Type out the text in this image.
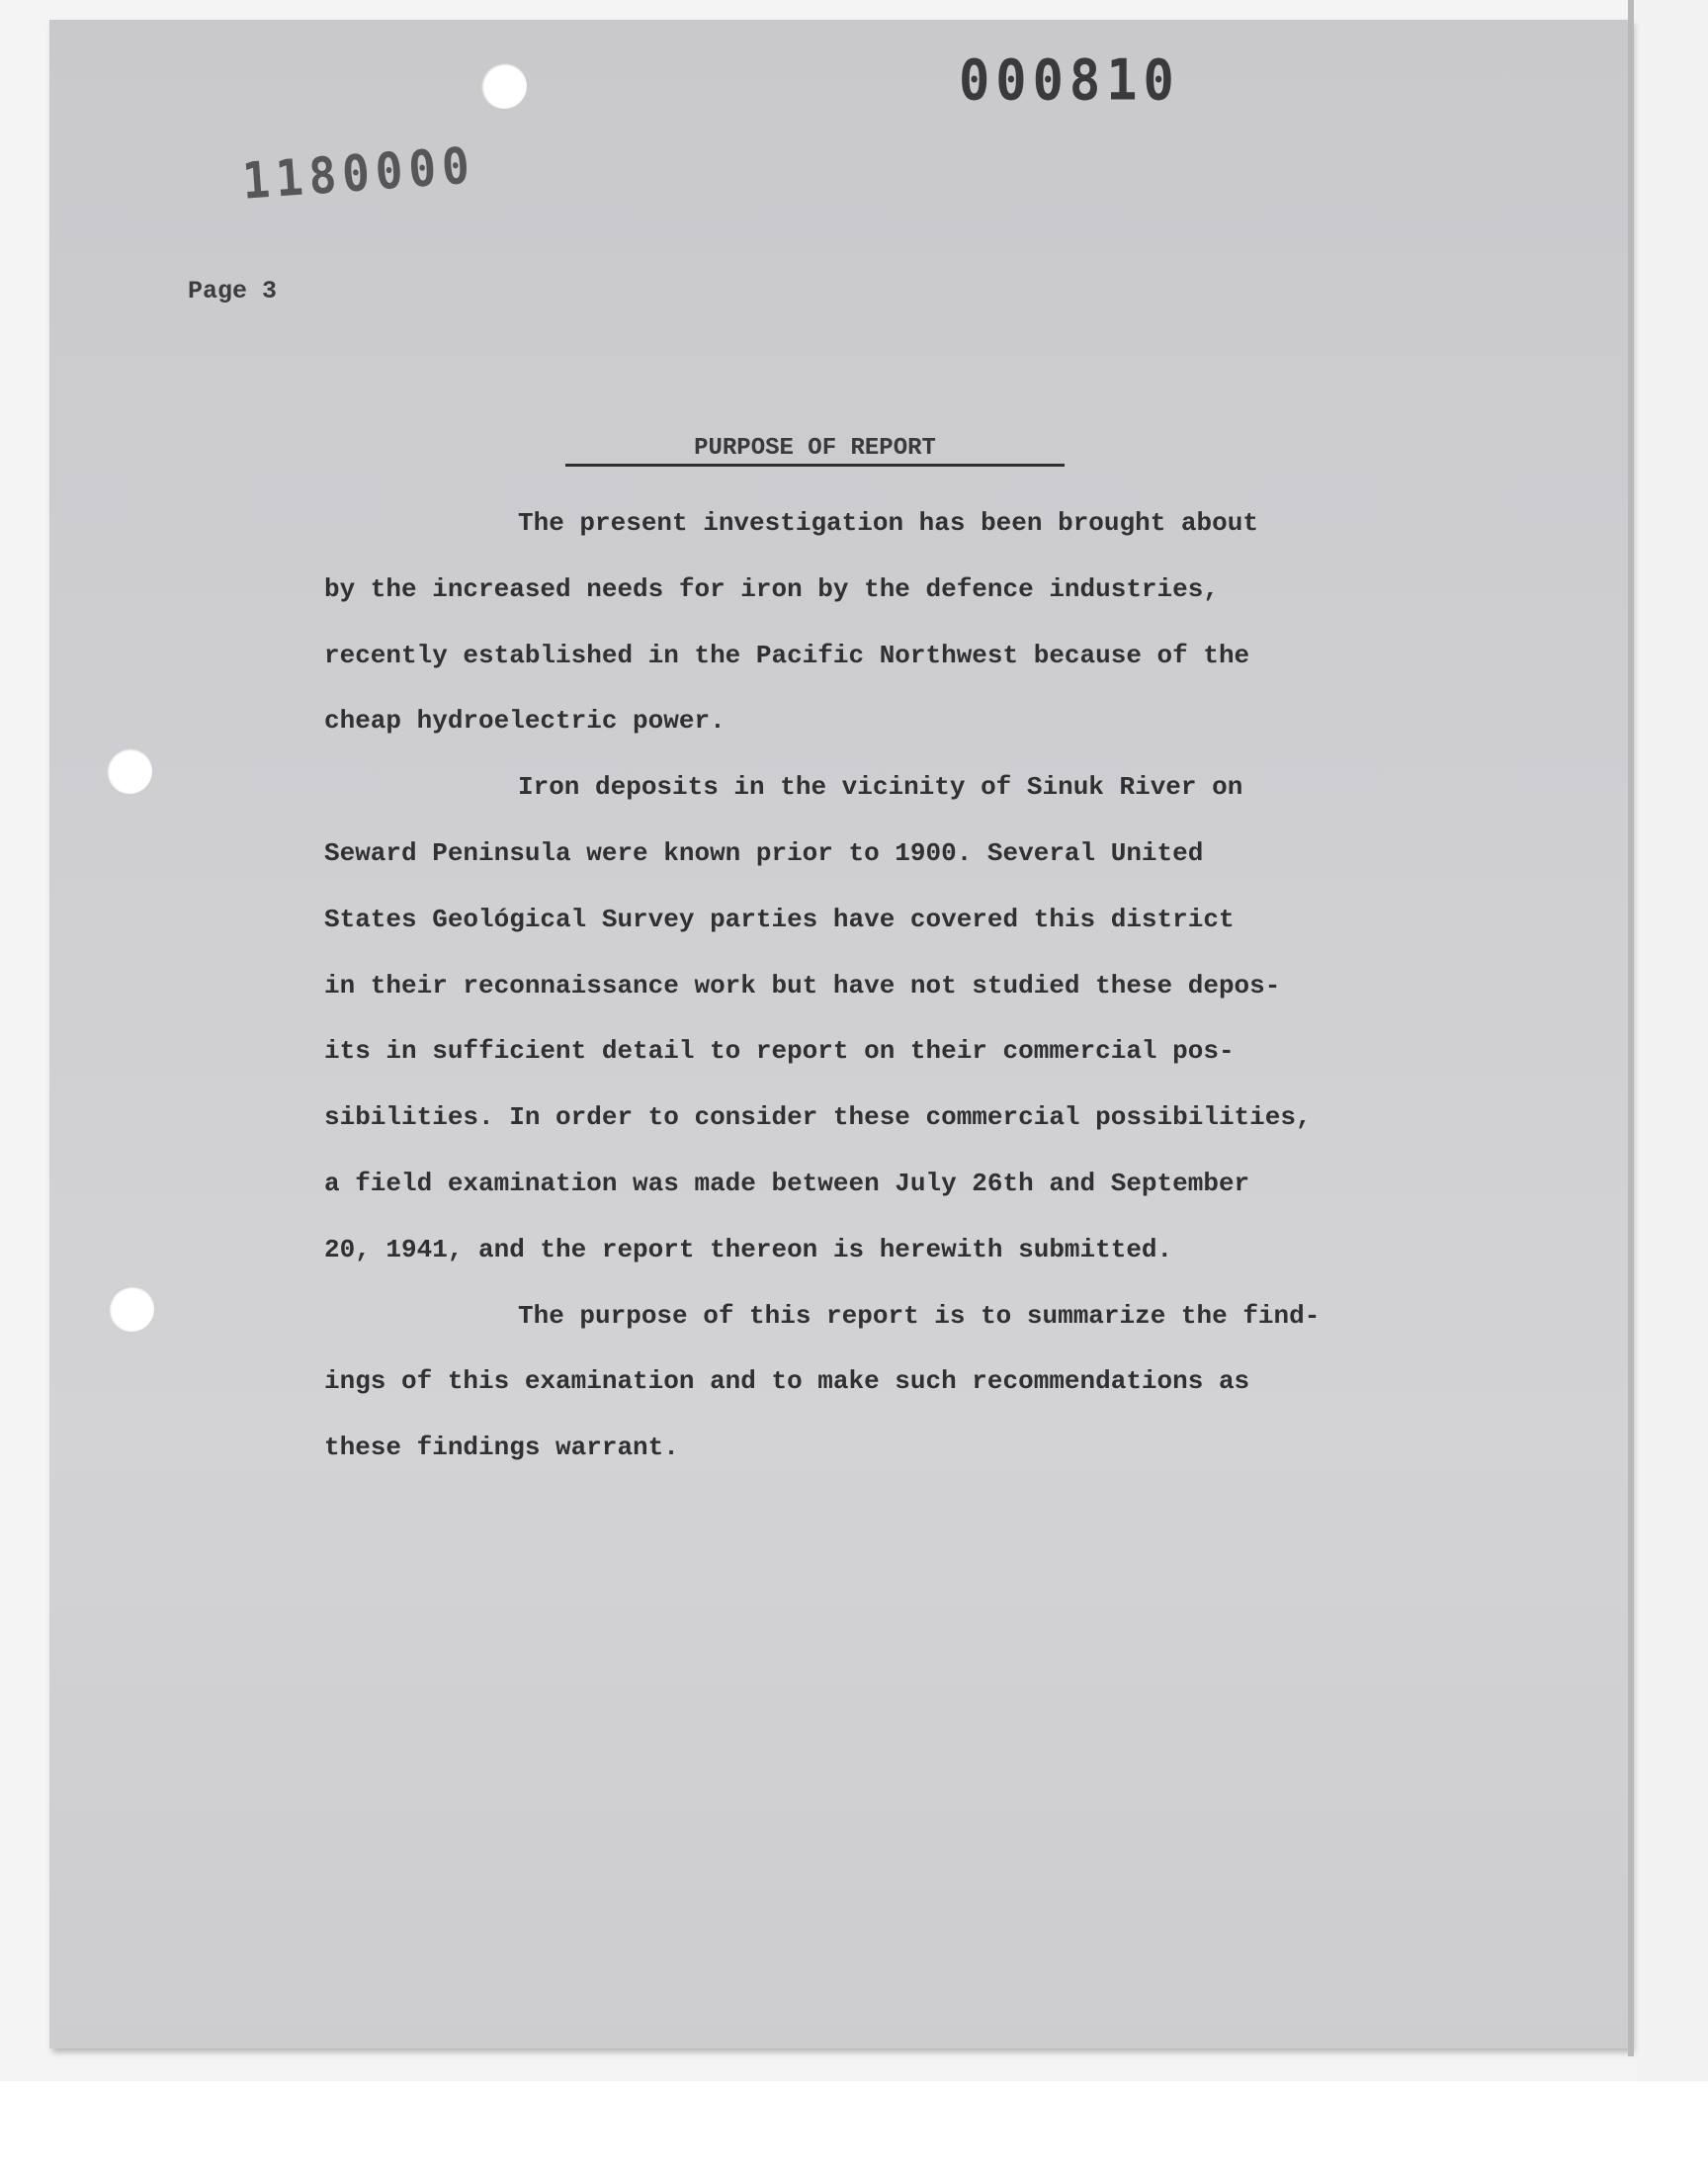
00⁢0810
1180000
Page 3
PURPOSE OF REPORT
The present investigation has been brought about
by the increased needs for iron by the defence industries,
recently established in the Pacific Northwest because of the
cheap hydroelectric power.
Iron deposits in the vicinity of Sinuk River on
Seward Peninsula were known prior to 1900. Several United
States Geológical Survey parties have covered this district
in their reconnaissance work but have not studied these depos-
its in sufficient detail to report on their commercial pos-
sibilities. In order to consider these commercial possibilities,
a field examination was made between July 26th and September
20, 1941, and the report thereon is herewith submitted.
The purpose of this report is to summarize the find-
ings of this examination and to make such recommendations as
these findings warrant.
